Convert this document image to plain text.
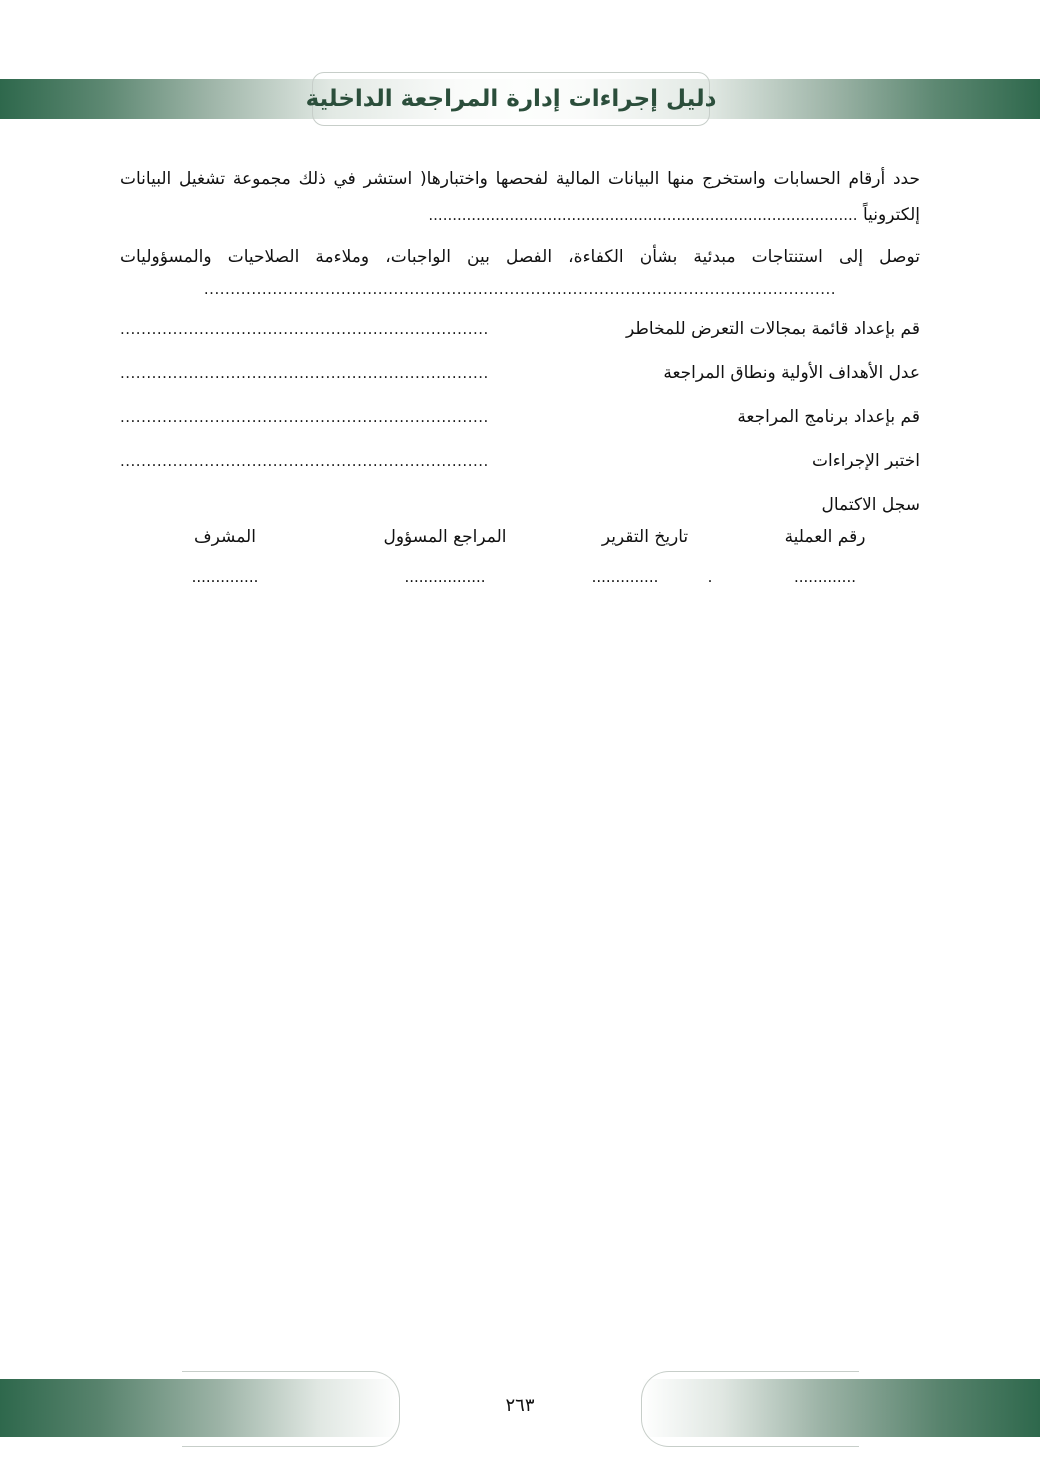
دليل إجراءات إدارة المراجعة الداخلية
حدد أرقام الحسابات واستخرج منها البيانات المالية لفحصها واختبارها( استشر في ذلك مجموعة تشغيل البيانات
إلكترونياً ..........................................................................................
توصل إلى استنتاجات مبدئية بشأن الكفاءة، الفصل بين الواجبات، وملاءمة الصلاحيات والمسؤوليات
........................................................................................................................
قم بإعداد قائمة بمجالات التعرض للمخاطر
......................................................................
عدل الأهداف الأولية ونطاق المراجعة
......................................................................
قم بإعداد برنامج المراجعة
......................................................................
اختبر الإجراءات
......................................................................
سجل الاكتمال
رقم العملية
تاريخ التقرير
المراجع المسؤول
المشرف
.............
.
..............
.................
..............
٢٦٣
